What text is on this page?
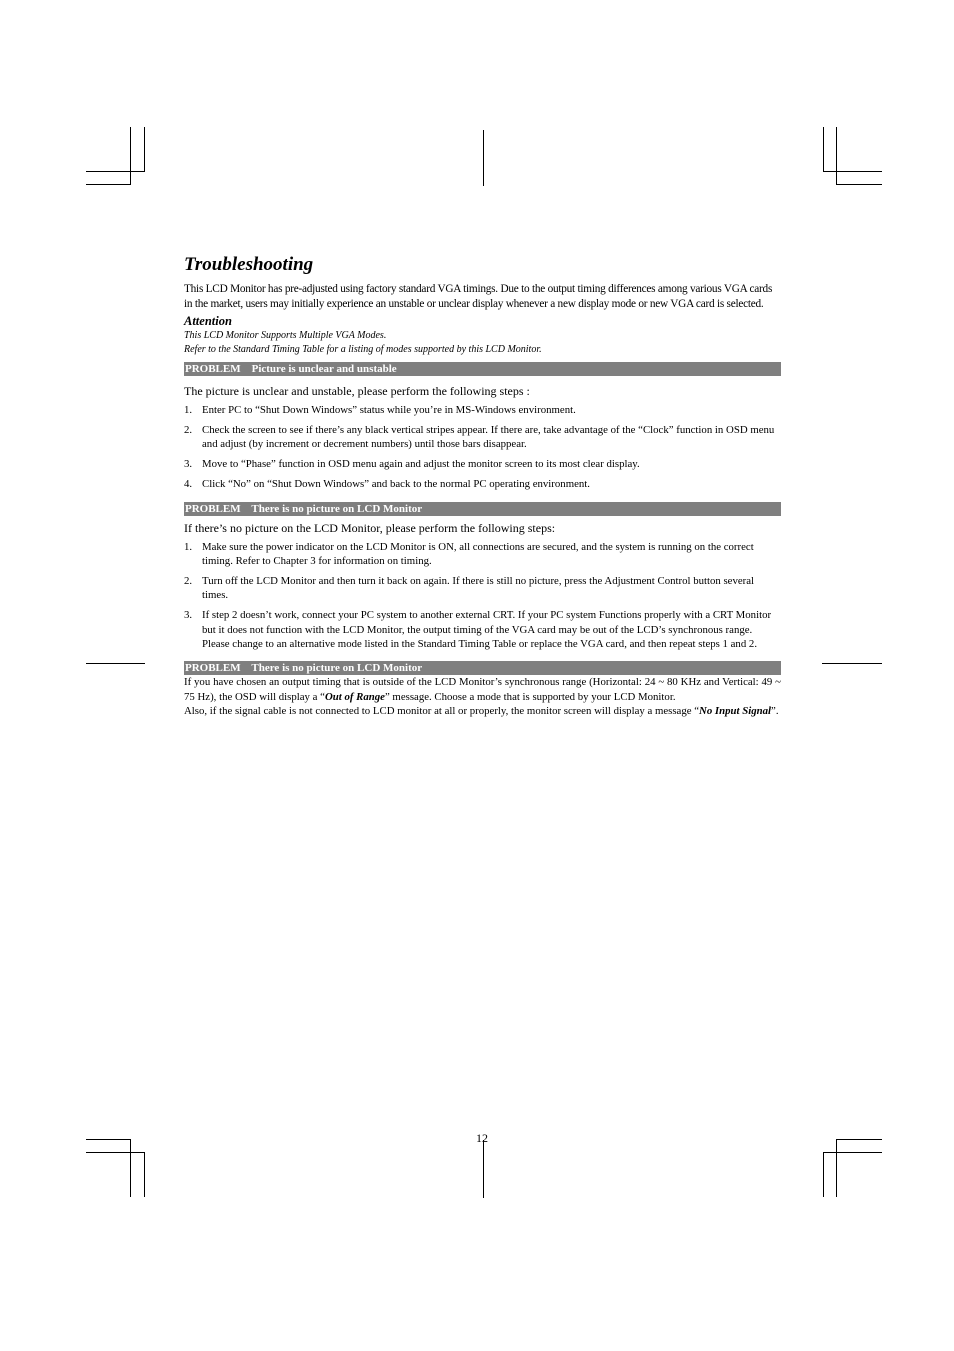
Troubleshooting

This LCD Monitor has pre-adjusted using factory standard VGA timings. Due to the output timing differences among various VGA cards in the market, users may initially experience an unstable or unclear display whenever a new display mode or new VGA card is selected.

Attention

This LCD Monitor Supports Multiple VGA Modes.

Refer to the Standard Timing Table for a listing of modes supported by this LCD Monitor.

PROBLEM    Picture is unclear and unstable

The picture is unclear and unstable, please perform the following steps :

1. Enter PC to “Shut Down Windows” status while you’re in MS-Windows environment.
2. Check the screen to see if there’s any black vertical stripes appear. If there are, take advantage of the “Clock” function in OSD menu and adjust (by increment or decrement numbers) until those bars disappear.
3. Move to “Phase” function in OSD menu again and adjust the monitor screen to its most clear display.
4. Click “No” on “Shut Down Windows” and back to the normal PC operating environment.
PROBLEM    There is no picture on LCD Monitor

If there’s no picture on the LCD Monitor, please perform the following steps:

1. Make sure the power indicator on the LCD Monitor is ON, all connections are secured, and the system is running on the correct timing. Refer to Chapter 3 for information on timing.
2. Turn off the LCD Monitor and then turn it back on again. If there is still no picture, press the Adjustment Control button several times.
3. If step 2 doesn’t work, connect your PC system to another external CRT. If your PC system Functions properly with a CRT Monitor but it does not function with the LCD Monitor, the output timing of the VGA card may be out of the LCD’s synchronous range. Please change to an alternative mode listed in the Standard Timing Table or replace the VGA card, and then repeat steps 1 and 2.
PROBLEM    There is no picture on LCD Monitor

If you have chosen an output timing that is outside of the LCD Monitor’s synchronous range (Horizontal: 24 ~ 80 KHz and Vertical: 49 ~ 75 Hz), the OSD will display a “Out of Range” message. Choose a mode that is supported by your LCD Monitor.

Also, if the signal cable is not connected to LCD monitor at all or properly, the monitor screen will display a message “No Input Signal”.

12
